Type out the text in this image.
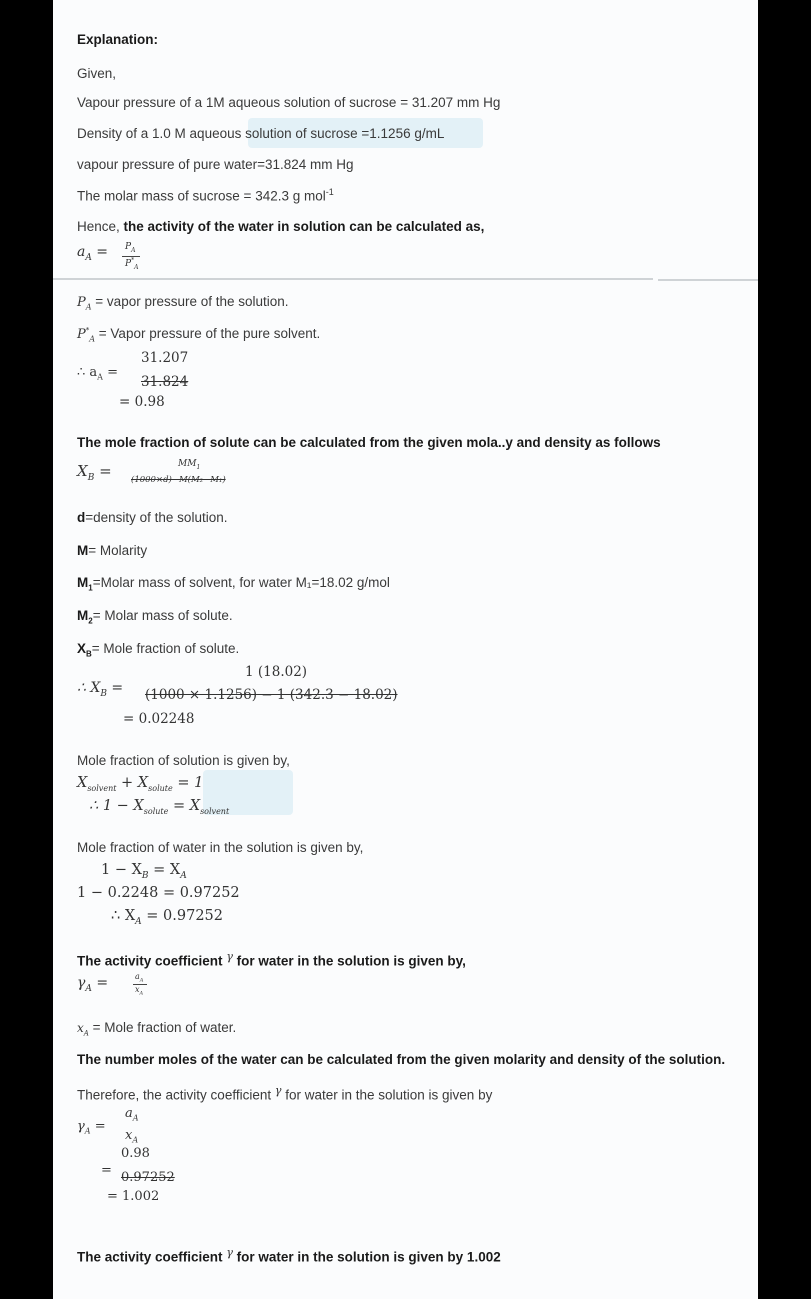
Explanation:
Given,
Vapour pressure of a 1M aqueous solution of sucrose = 31.207 mm Hg
Density of a 1.0 M aqueous solution of sucrose =1.1256 g/mL
vapour pressure of pure water=31.824 mm Hg
The molar mass of sucrose = 342.3 g mol$^{-1}$
Hence, the activity of the water in solution can be calculated as,
$a_A = P_A$
$P^*_A$
$P_A$ = vapor pressure of the solution.
$P^*_A$ = Vapor pressure of the pure solvent.
∴ $a_A$ =
31.207
31.824
= 0.98
The mole fraction of solute can be calculated from the given mola..y and density as follows
$X_B$ =	$MM_1$
(1000×d)−M(M₂−M₁)
d=density of the solution.
M= Molarity
$M_1=Molar$ mass of solvent, for water M₁=18.02 g/mol
$M_2=$ Molar mass of solute.
$X_B=$ Mole fraction of solute.
∴ $X_B$ =
1 (18.02)
(1000 × 1.1256) − 1 (342.3 − 18.02)
= 0.02248
Mole fraction of solution is given by,
$X_{solvent} + X_{solute} = 1$
∴ $1 - X_{solute} = X_{solvent}$
Mole fraction of water in the solution is given by,
$1 - X_B = X_A$
1 − 0.2248 = 0.97252
∴ $X_A = 0.97252$
The activity coefficient $^\gamma$ for water in the solution is given by,
$\gamma_A$ =	$a_A$
$x_A$
$x_A$ = Mole fraction of water.
The number moles of the water can be calculated from the given molarity and density of the solution.
Therefore, the activity coefficient $^\gamma$ for water in the solution is given by
$\gamma_A$ =
$a_A$
$x_A$
=
0.98
0.97252
= 1.002
The activity coefficient $^\gamma$ for water in the solution is given by 1.002
